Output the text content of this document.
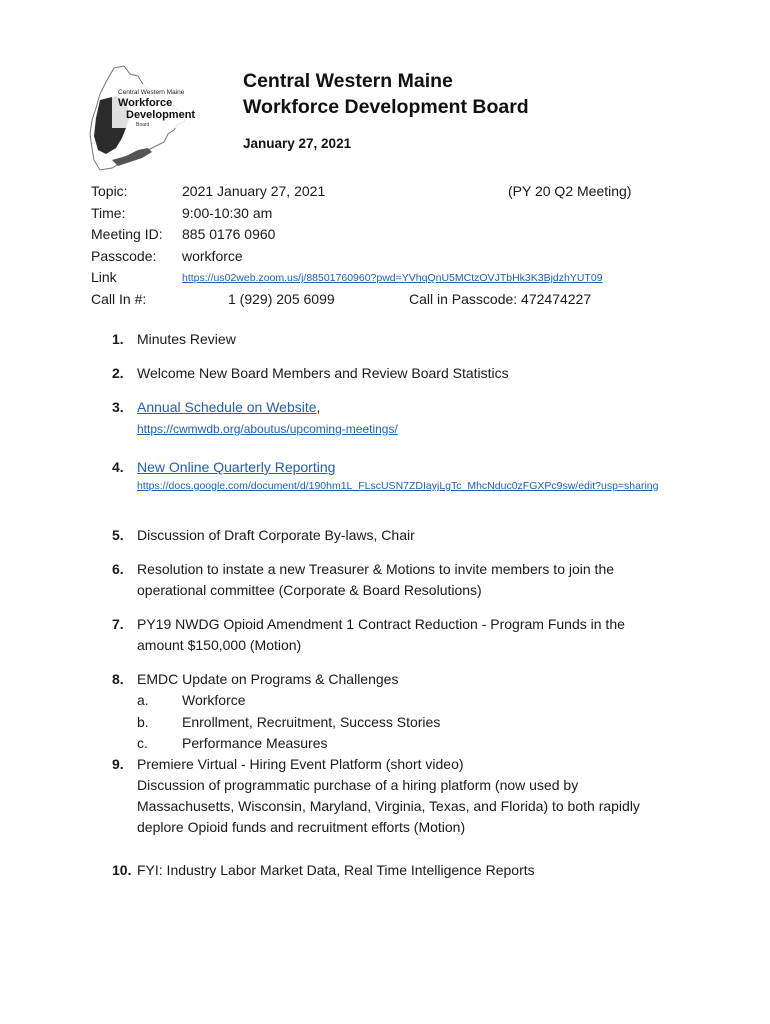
Central Western Maine
Workforce
Development
Board
Central Western Maine
Workforce Development Board
January 27, 2021
Topic:	2021 January 27, 2021	(PY 20 Q2 Meeting)
Time:	9:00-10:30 am
Meeting ID: 885 0176 0960
Passcode: workforce
Link	https://us02web.zoom.us/j/88501760960?pwd=YVhqQnU5MCtzOVJTbHk3K3BjdzhYUT09
Call In #:	1 (929) 205 6099	Call in Passcode: 472474227
1. Minutes Review
2. Welcome New Board Members and Review Board Statistics
3. Annual Schedule on Website,
https://cwmwdb.org/aboutus/upcoming-meetings/
4. New Online Quarterly Reporting
https://docs.google.com/document/d/190hm1L_FLscUSN7ZDIayjLgTc_MhcNduc0zFGXPc9sw/edit?usp=sharing
5. Discussion of Draft Corporate By-laws, Chair
6. Resolution to instate a new Treasurer & Motions to invite members to join the
operational committee (Corporate & Board Resolutions)
7. PY19 NWDG Opioid Amendment 1 Contract Reduction - Program Funds in the
amount $150,000 (Motion)
8. EMDC Update on Programs & Challenges
a. Workforce
b. Enrollment, Recruitment, Success Stories
c. Performance Measures
9. Premiere Virtual - Hiring Event Platform (short video)
Discussion of programmatic purchase of a hiring platform (now used by
Massachusetts, Wisconsin, Maryland, Virginia, Texas, and Florida) to both rapidly
deplore Opioid funds and recruitment efforts (Motion)
10. FYI: Industry Labor Market Data, Real Time Intelligence Reports
